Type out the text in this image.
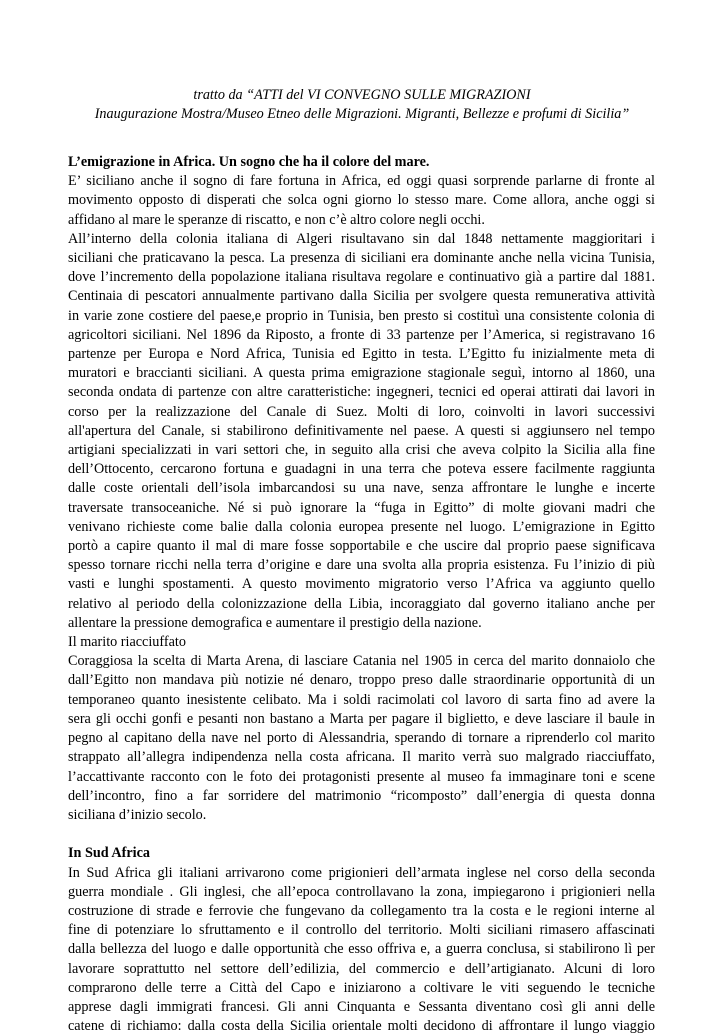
tratto da “ATTI del VI CONVEGNO SULLE MIGRAZIONI
Inaugurazione Mostra/Museo Etneo delle Migrazioni. Migranti, Bellezze e profumi di Sicilia”
L’emigrazione in Africa. Un sogno che ha il colore del mare.
E’ siciliano anche il sogno di fare fortuna in Africa, ed oggi quasi sorprende parlarne di fronte al
movimento opposto di disperati che solca ogni giorno lo stesso mare. Come allora, anche oggi si
affidano al mare le speranze di riscatto, e non c’è altro colore negli occhi.
All’interno della colonia italiana di Algeri risultavano sin dal 1848 nettamente maggioritari i
siciliani che praticavano la pesca. La presenza di siciliani era dominante anche nella vicina Tunisia,
dove l’incremento della popolazione italiana risultava regolare e continuativo già a partire dal 1881.
Centinaia di pescatori annualmente partivano dalla Sicilia per svolgere questa remunerativa attività
in varie zone costiere del paese,e proprio in Tunisia, ben presto si costituì una consistente colonia di
agricoltori siciliani. Nel 1896 da Riposto, a fronte di 33 partenze per l’America, si registravano 16
partenze per Europa e Nord Africa, Tunisia ed Egitto in testa. L’Egitto fu inizialmente meta di
muratori e braccianti siciliani. A questa prima emigrazione stagionale seguì, intorno al 1860, una
seconda ondata di partenze con altre caratteristiche: ingegneri, tecnici ed operai attirati dai lavori in
corso per la realizzazione del Canale di Suez. Molti di loro, coinvolti in lavori successivi
all'apertura del Canale, si stabilirono definitivamente nel paese. A questi si aggiunsero nel tempo
artigiani specializzati in vari settori che, in seguito alla crisi che aveva colpito la Sicilia alla fine
dell’Ottocento, cercarono fortuna e guadagni in una terra che poteva essere facilmente raggiunta
dalle coste orientali dell’isola imbarcandosi su una nave, senza affrontare le lunghe e incerte
traversate transoceaniche. Né si può ignorare la “fuga in Egitto” di molte giovani madri che
venivano richieste come balie dalla colonia europea presente nel luogo. L’emigrazione in Egitto
portò a capire quanto il mal di mare fosse sopportabile e che uscire dal proprio paese significava
spesso tornare ricchi nella terra d’origine e dare una svolta alla propria esistenza. Fu l’inizio di più
vasti e lunghi spostamenti. A questo movimento migratorio verso l’Africa va aggiunto quello
relativo al periodo della colonizzazione della Libia, incoraggiato dal governo italiano anche per
allentare la pressione demografica e aumentare il prestigio della nazione.
Il marito riacciuffato
Coraggiosa la scelta di Marta Arena, di lasciare Catania nel 1905 in cerca del marito donnaiolo che
dall’Egitto non mandava più notizie né denaro, troppo preso dalle straordinarie opportunità di un
temporaneo quanto inesistente celibato. Ma i soldi racimolati col lavoro di sarta fino ad avere la
sera gli occhi gonfi e pesanti non bastano a Marta per pagare il biglietto, e deve lasciare il baule in
pegno al capitano della nave nel porto di Alessandria, sperando di tornare a riprenderlo col marito
strappato all’allegra indipendenza nella costa africana. Il marito verrà suo malgrado riacciuffato,
l’accattivante racconto con le foto dei protagonisti presente al museo fa immaginare toni e scene
dell’incontro, fino a far sorridere del matrimonio “ricomposto” dall’energia di questa donna
siciliana d’inizio secolo.
In Sud Africa
In Sud Africa gli italiani arrivarono come prigionieri dell’armata inglese nel corso della seconda
guerra mondiale . Gli inglesi, che all’epoca controllavano la zona, impiegarono i prigionieri nella
costruzione di strade e ferrovie che fungevano da collegamento tra la costa e le regioni interne al
fine di potenziare lo sfruttamento e il controllo del territorio. Molti siciliani rimasero affascinati
dalla bellezza del luogo e dalle opportunità che esso offriva e, a guerra conclusa, si stabilirono lì per
lavorare soprattutto nel settore dell’edilizia, del commercio e dell’artigianato. Alcuni di loro
comprarono delle terre a Città del Capo e iniziarono a coltivare le viti seguendo le tecniche
apprese dagli immigrati francesi. Gli anni Cinquanta e Sessanta diventano così gli anni delle
catene di richiamo: dalla costa della Sicilia orientale molti decidono di affrontare il lungo viaggio
